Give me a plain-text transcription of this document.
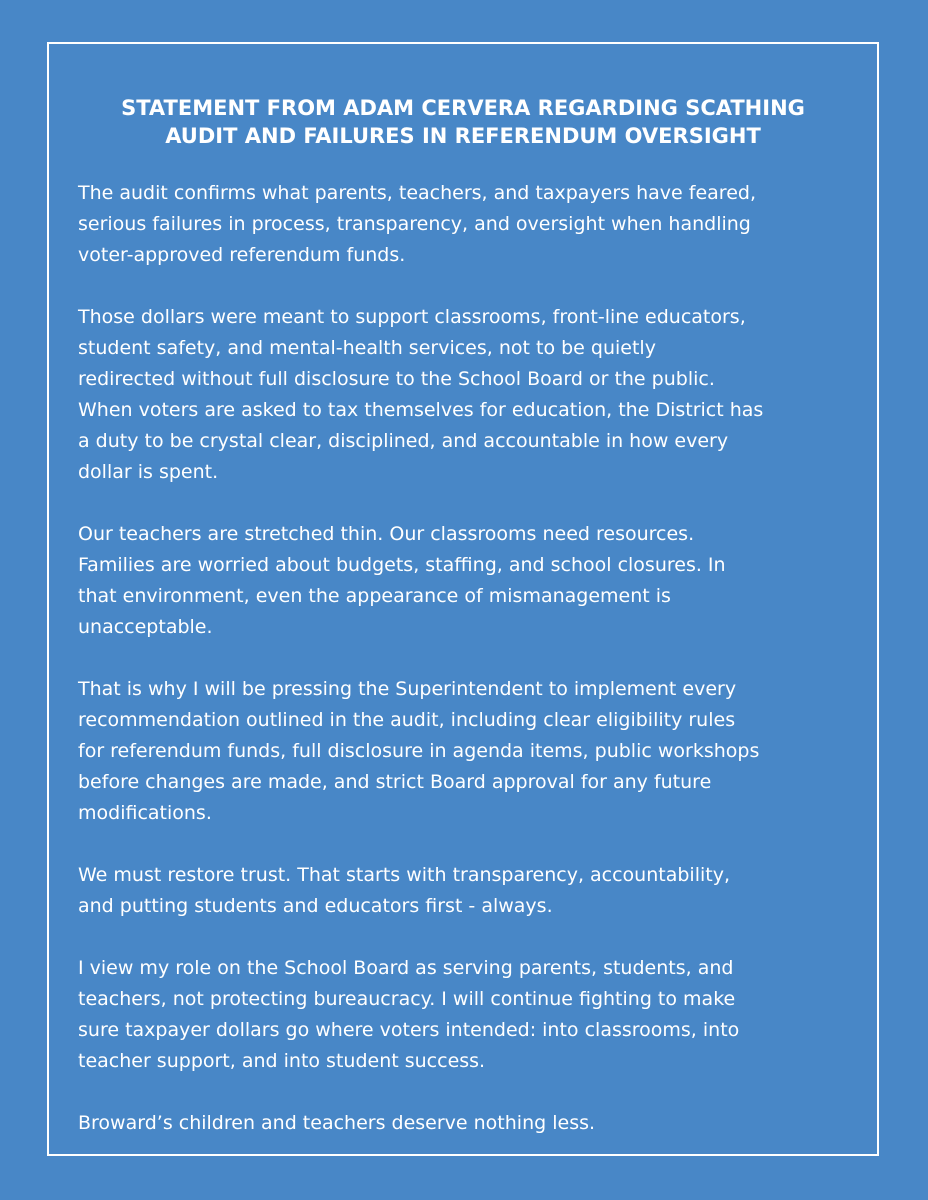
STATEMENT FROM ADAM CERVERA REGARDING SCATHING
AUDIT AND FAILURES IN REFERENDUM OVERSIGHT

The audit confirms what parents, teachers, and taxpayers have feared,
serious failures in process, transparency, and oversight when handling
voter-approved referendum funds.

Those dollars were meant to support classrooms, front-line educators,
student safety, and mental-health services, not to be quietly
redirected without full disclosure to the School Board or the public.
When voters are asked to tax themselves for education, the District has
a duty to be crystal clear, disciplined, and accountable in how every
dollar is spent.

Our teachers are stretched thin. Our classrooms need resources.
Families are worried about budgets, staffing, and school closures. In
that environment, even the appearance of mismanagement is
unacceptable.

That is why I will be pressing the Superintendent to implement every
recommendation outlined in the audit, including clear eligibility rules
for referendum funds, full disclosure in agenda items, public workshops
before changes are made, and strict Board approval for any future
modifications.

We must restore trust. That starts with transparency, accountability,
and putting students and educators first - always.

I view my role on the School Board as serving parents, students, and
teachers, not protecting bureaucracy. I will continue fighting to make
sure taxpayer dollars go where voters intended: into classrooms, into
teacher support, and into student success.

Broward’s children and teachers deserve nothing less.
